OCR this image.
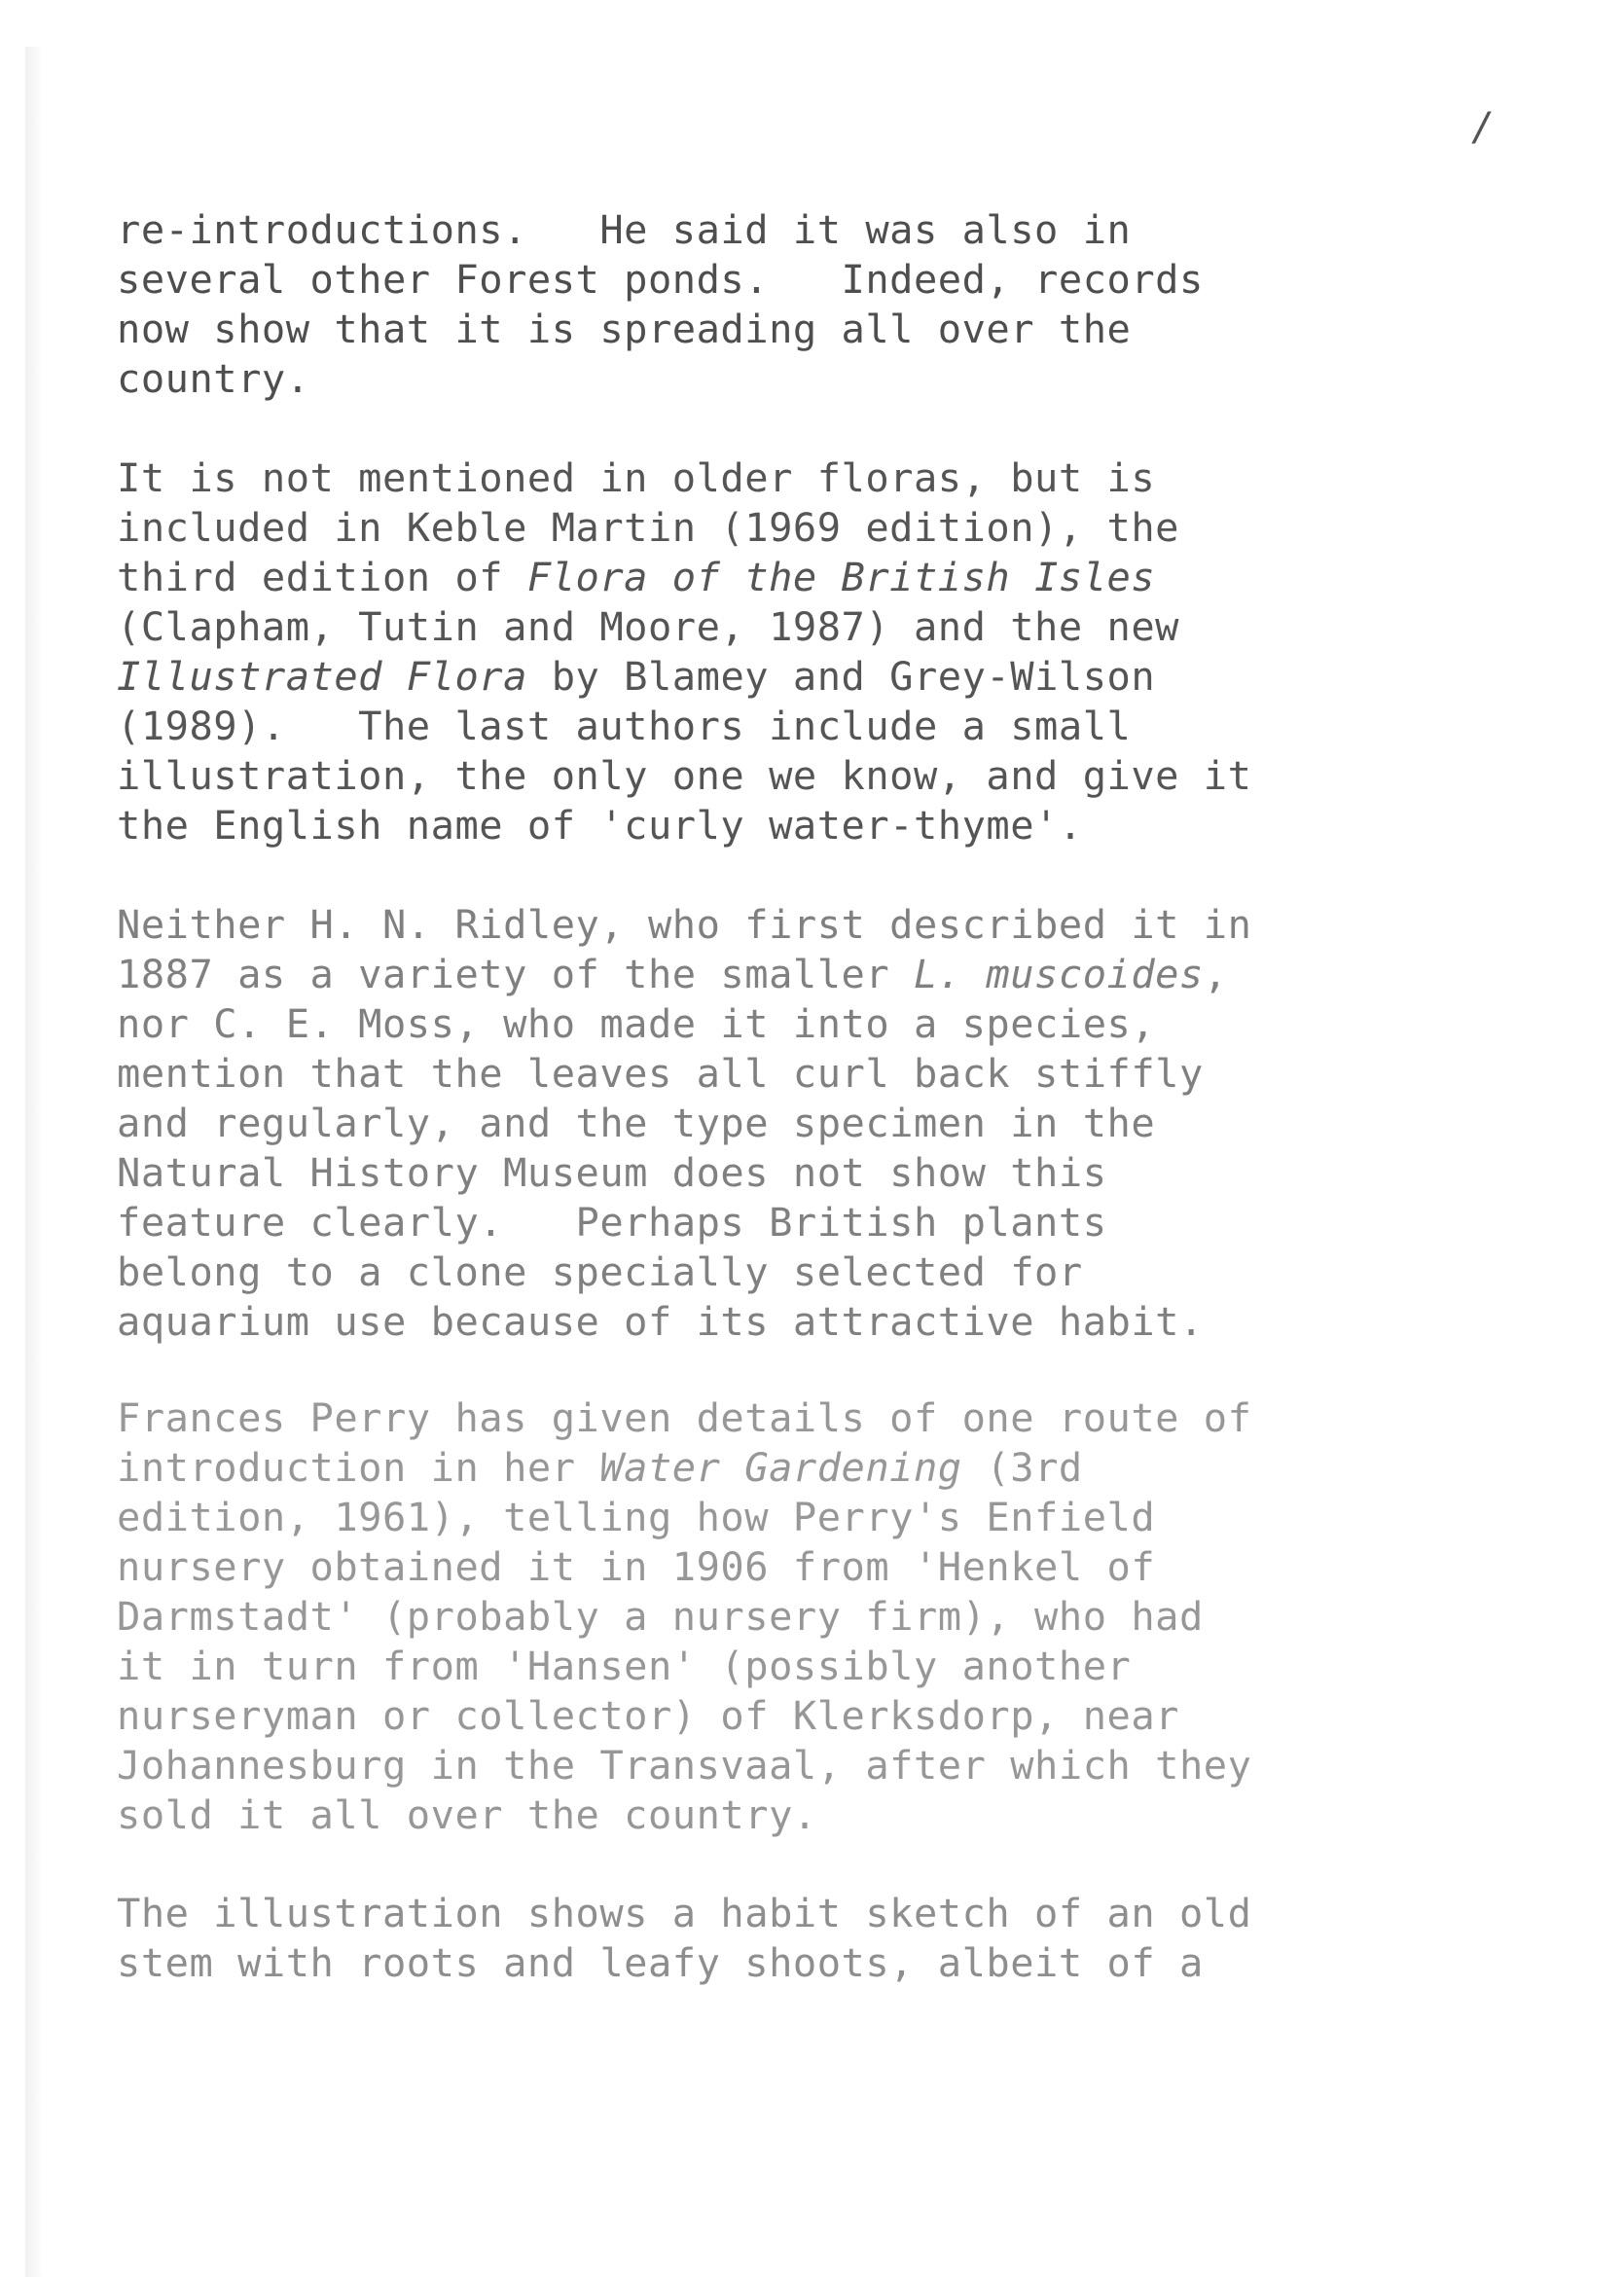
/

re-introductions.   He said it was also in
several other Forest ponds.   Indeed, records
now show that it is spreading all over the
country.

It is not mentioned in older floras, but is
included in Keble Martin (1969 edition), the
third edition of Flora of the British Isles
(Clapham, Tutin and Moore, 1987) and the new
Illustrated Flora by Blamey and Grey-Wilson
(1989).   The last authors include a small
illustration, the only one we know, and give it
the English name of 'curly water-thyme'.

Neither H. N. Ridley, who first described it in
1887 as a variety of the smaller L. muscoides,
nor C. E. Moss, who made it into a species,
mention that the leaves all curl back stiffly
and regularly, and the type specimen in the
Natural History Museum does not show this
feature clearly.   Perhaps British plants
belong to a clone specially selected for
aquarium use because of its attractive habit.

Frances Perry has given details of one route of
introduction in her Water Gardening (3rd
edition, 1961), telling how Perry's Enfield
nursery obtained it in 1906 from 'Henkel of
Darmstadt' (probably a nursery firm), who had
it in turn from 'Hansen' (possibly another
nurseryman or collector) of Klerksdorp, near
Johannesburg in the Transvaal, after which they
sold it all over the country.

The illustration shows a habit sketch of an old
stem with roots and leafy shoots, albeit of a
